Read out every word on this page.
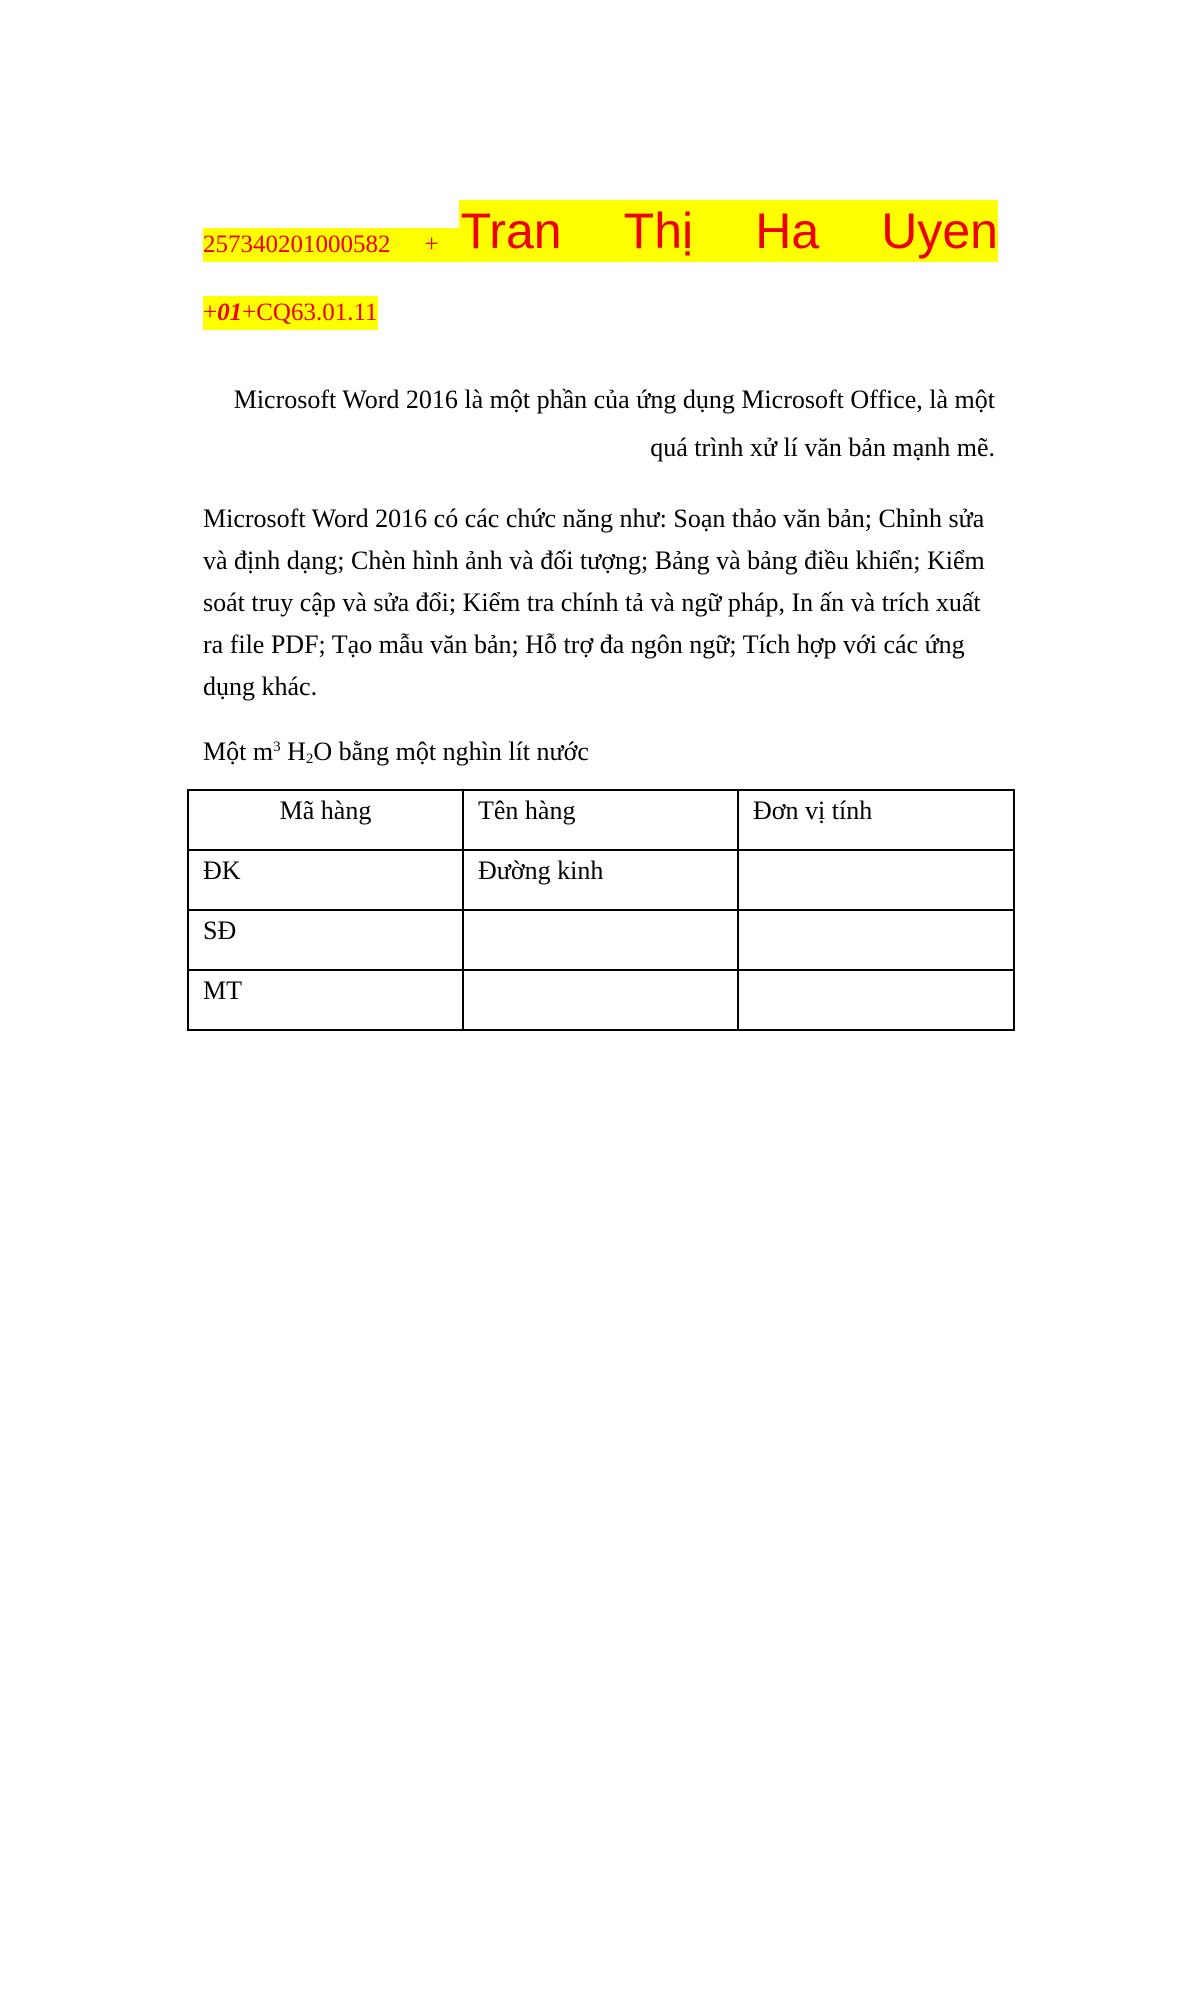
257340201000582	+ Tran Thị Ha Uyen
+01+CQ63.01.11

Microsoft Word 2016 là một phần của ứng dụng Microsoft Office, là một quá trình xử lí văn bản mạnh mẽ.

Microsoft Word 2016 có các chức năng như: Soạn thảo văn bản; Chỉnh sửa và định dạng; Chèn hình ảnh và đối tượng; Bảng và bảng điều khiển; Kiểm soát truy cập và sửa đổi; Kiểm tra chính tả và ngữ pháp, In ấn và trích xuất ra file PDF; Tạo mẫu văn bản; Hỗ trợ đa ngôn ngữ; Tích hợp với các ứng dụng khác.

Một $m^3$ $H_2O$ bằng một nghìn lít nước
Mã hàng	Tên hàng	Đơn vị tính
ĐK	Đường kinh	
SĐ		
MT		
